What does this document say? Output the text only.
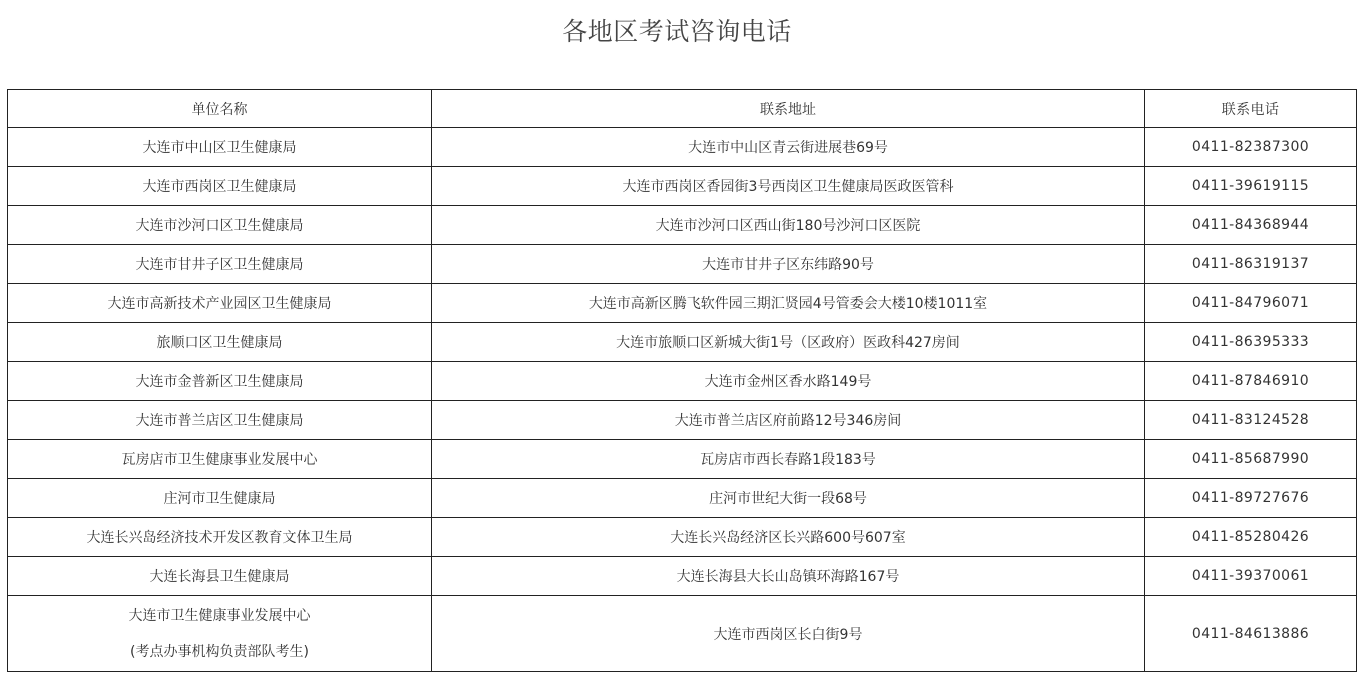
各地区考试咨询电话
单位名称	联系地址	联系电话
大连市中山区卫生健康局	大连市中山区青云街进展巷69号	0411-82387300
大连市西岗区卫生健康局	大连市西岗区香园街3号西岗区卫生健康局医政医管科	0411-39619115
大连市沙河口区卫生健康局	大连市沙河口区西山街180号沙河口区医院	0411-84368944
大连市甘井子区卫生健康局	大连市甘井子区东纬路90号	0411-86319137
大连市高新技术产业园区卫生健康局	大连市高新区腾飞软件园三期汇贤园4号管委会大楼10楼1011室	0411-84796071
旅顺口区卫生健康局	大连市旅顺口区新城大街1号（区政府）医政科427房间	0411-86395333
大连市金普新区卫生健康局	大连市金州区香水路149号	0411-87846910
大连市普兰店区卫生健康局	大连市普兰店区府前路12号346房间	0411-83124528
瓦房店市卫生健康事业发展中心	瓦房店市西长春路1段183号	0411-85687990
庄河市卫生健康局	庄河市世纪大街一段68号	0411-89727676
大连长兴岛经济技术开发区教育文体卫生局	大连长兴岛经济区长兴路600号607室	0411-85280426
大连长海县卫生健康局	大连长海县大长山岛镇环海路167号	0411-39370061

大连市卫生健康事业发展中心
(考点办事机构负责部队考生)	大连市西岗区长白街9号	0411-84613886
